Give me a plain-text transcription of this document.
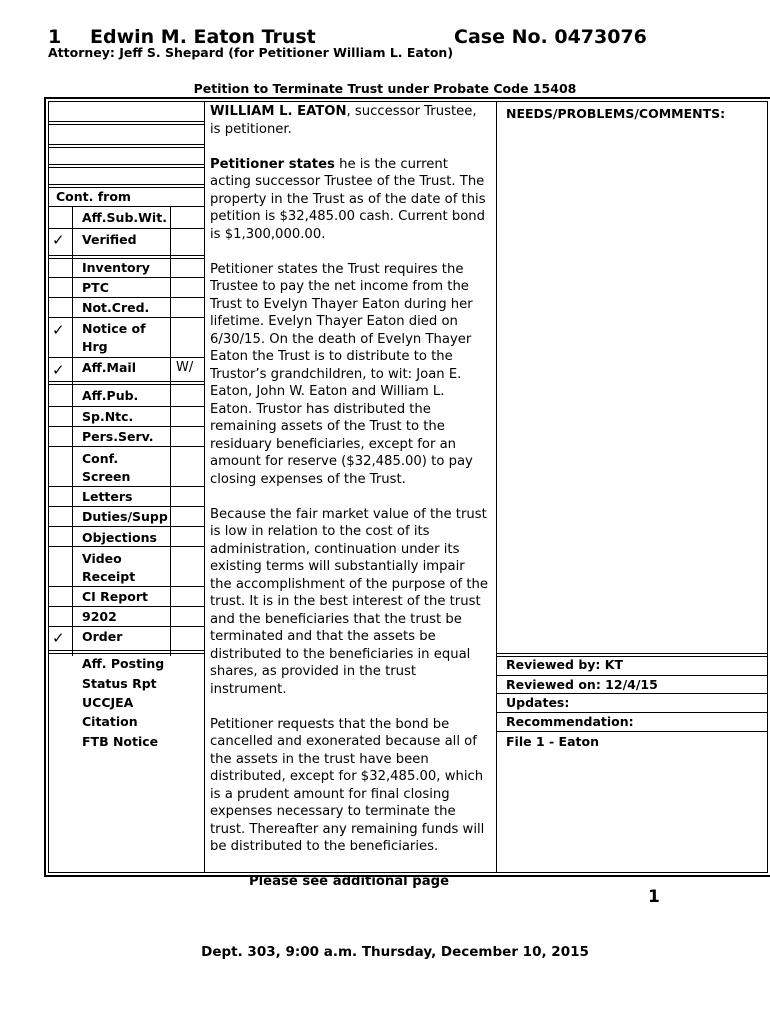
1 Edwin M. Eaton Trust	Case No. 0473076
Attorney: Jeff S. Shepard (for Petitioner William L. Eaton)
Petition to Terminate Trust under Probate Code 15408
Cont. from
Aff.Sub.Wit.
✓ Verified
Inventory
PTC
Not.Cred.
✓ Notice of Hrg
✓ Aff.Mail	W/
Aff.Pub.
Sp.Ntc.
Pers.Serv.
Conf. Screen
Letters
Duties/Supp
Objections
Video Receipt
CI Report
9202
✓ Order
Aff. Posting
Status Rpt
UCCJEA
Citation
FTB Notice

WILLIAM L. EATON, successor Trustee, is petitioner.

Petitioner states he is the current acting successor Trustee of the Trust. The property in the Trust as of the date of this petition is $32,485.00 cash. Current bond is $1,300,000.00.

Petitioner states the Trust requires the Trustee to pay the net income from the Trust to Evelyn Thayer Eaton during her lifetime. Evelyn Thayer Eaton died on 6/30/15. On the death of Evelyn Thayer Eaton the Trust is to distribute to the Trustor’s grandchildren, to wit: Joan E. Eaton, John W. Eaton and William L. Eaton. Trustor has distributed the remaining assets of the Trust to the residuary beneficiaries, except for an amount for reserve ($32,485.00) to pay closing expenses of the Trust.

Because the fair market value of the trust is low in relation to the cost of its administration, continuation under its existing terms will substantially impair the accomplishment of the purpose of the trust. It is in the best interest of the trust and the beneficiaries that the trust be terminated and that the assets be distributed to the beneficiaries in equal shares, as provided in the trust instrument.

Petitioner requests that the bond be cancelled and exonerated because all of the assets in the trust have been distributed, except for $32,485.00, which is a prudent amount for final closing expenses necessary to terminate the trust. Thereafter any remaining funds will be distributed to the beneficiaries.

Please see additional page

NEEDS/PROBLEMS/COMMENTS:
Reviewed by: KT
Reviewed on: 12/4/15
Updates:
Recommendation:
File 1 - Eaton
1
Dept. 303, 9:00 a.m. Thursday, December 10, 2015
